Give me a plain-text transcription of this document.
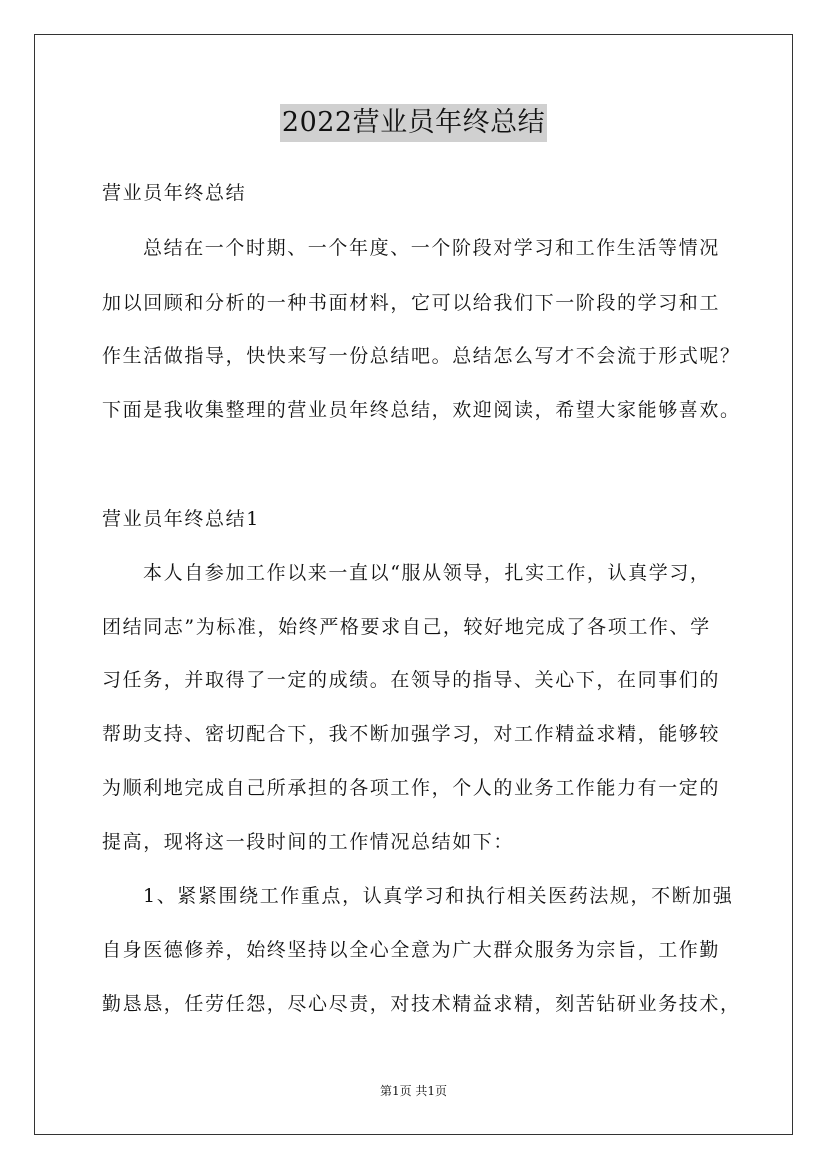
2022营业员年终总结
营业员年终总结
总结在一个时期、一个年度、一个阶段对学习和工作生活等情况
加以回顾和分析的一种书面材料，它可以给我们下一阶段的学习和工
作生活做指导，快快来写一份总结吧。总结怎么写才不会流于形式呢？
下面是我收集整理的营业员年终总结，欢迎阅读，希望大家能够喜欢。
营业员年终总结1
本人自参加工作以来一直以“服从领导，扎实工作，认真学习，
团结同志”为标准，始终严格要求自己，较好地完成了各项工作、学
习任务，并取得了一定的成绩。在领导的指导、关心下，在同事们的
帮助支持、密切配合下，我不断加强学习，对工作精益求精，能够较
为顺利地完成自己所承担的各项工作，个人的业务工作能力有一定的
提高，现将这一段时间的工作情况总结如下：
1、紧紧围绕工作重点，认真学习和执行相关医药法规，不断加强
自身医德修养，始终坚持以全心全意为广大群众服务为宗旨，工作勤
勤恳恳，任劳任怨，尽心尽责，对技术精益求精，刻苦钻研业务技术，
第1页 共1页
